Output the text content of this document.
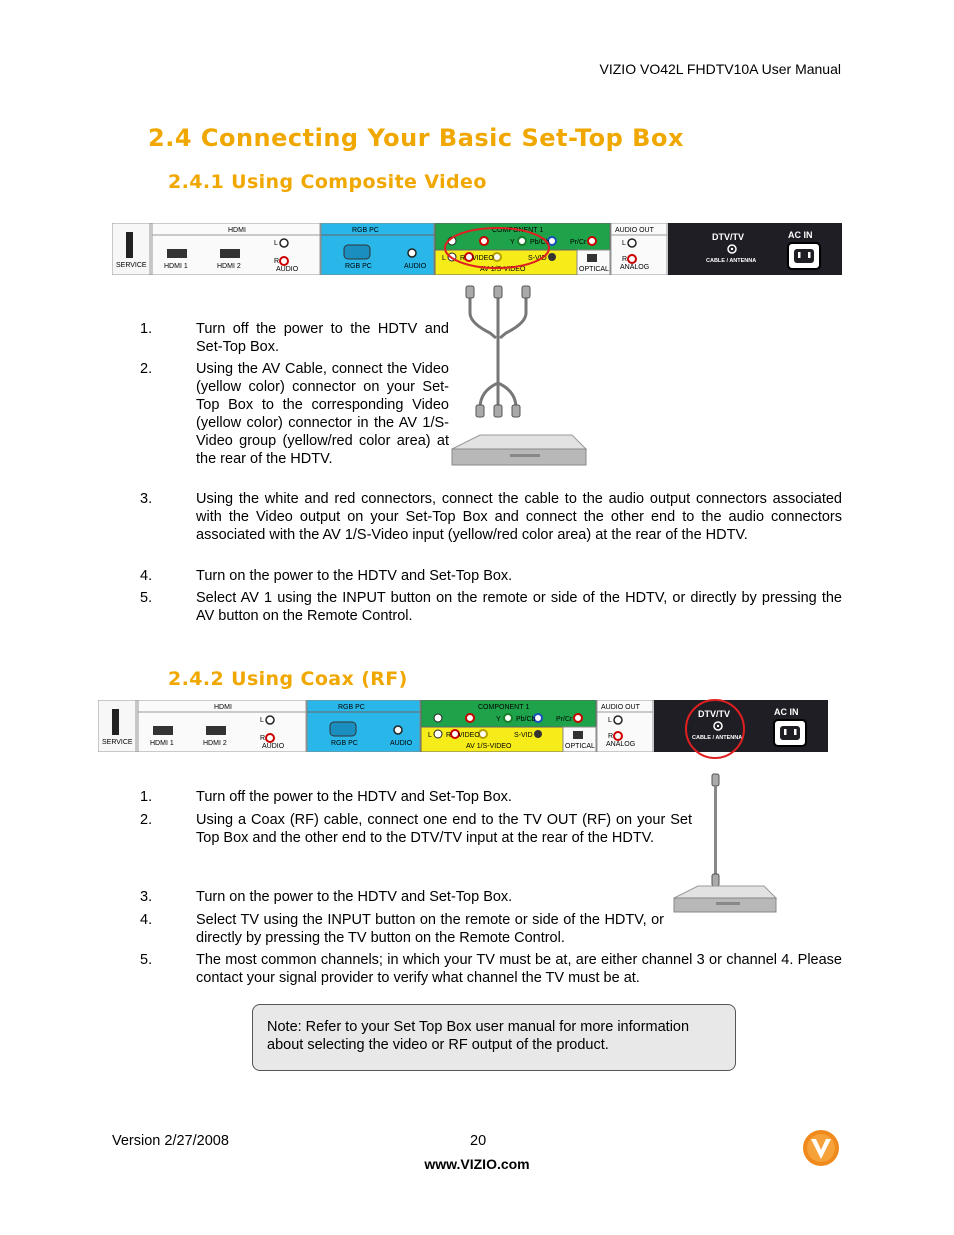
VIZIO VO42L FHDTV10A User Manual
2.4 Connecting Your Basic Set-Top Box
2.4.1 Using Composite Video
SERVICE
HDMI
HDMI 1	HDMI 2
L
R
AUDIO
RGB PC
RGB PC	AUDIO
COMPONENT 1
Y Pb/Cb	Pr/Cr
L R VIDEO	S-VID
AV 1/S-VIDEO	OPTICAL
AUDIO OUT
L
R
ANALOG
DTV/TV
CABLE / ANTENNA
AC IN
1.	Turn off the power to the HDTV and Set-Top Box.
2.	Using the AV Cable, connect the Video (yellow color) connector on your Set-Top Box to the corresponding Video (yellow color) connector in the AV 1/S-Video group (yellow/red color area) at the rear of the HDTV.
3.	Using the white and red connectors, connect the cable to the audio output connectors associated with the Video output on your Set-Top Box and connect the other end to the audio connectors associated with the AV 1/S-Video input (yellow/red color area) at the rear of the HDTV.
4.	Turn on the power to the HDTV and Set-Top Box.
5.	Select AV 1 using the INPUT button on the remote or side of the HDTV, or directly by pressing the AV button on the Remote Control.
2.4.2 Using Coax (RF)
SERVICE
HDMI
HDMI 1	HDMI 2
L
R
AUDIO
RGB PC
RGB PC	AUDIO
COMPONENT 1
Y Pb/Cb	Pr/Cr
L R VIDEO	S-VID
AV 1/S-VIDEO	OPTICAL
AUDIO OUT
L
R
ANALOG
DTV/TV
CABLE / ANTENNA
AC IN
1.	Turn off the power to the HDTV and Set-Top Box.
2.	Using a Coax (RF) cable, connect one end to the TV OUT (RF) on your Set Top Box and the other end to the DTV/TV input at the rear of the HDTV.
3.	Turn on the power to the HDTV and Set-Top Box.
4.	Select TV using the INPUT button on the remote or side of the HDTV, or directly by pressing the TV button on the Remote Control.
5.	The most common channels; in which your TV must be at, are either channel 3 or channel 4. Please contact your signal provider to verify what channel the TV must be at.
Note: Refer to your Set Top Box user manual for more information about selecting the video or RF output of the product.
Version 2/27/2008	20
www.VIZIO.com
